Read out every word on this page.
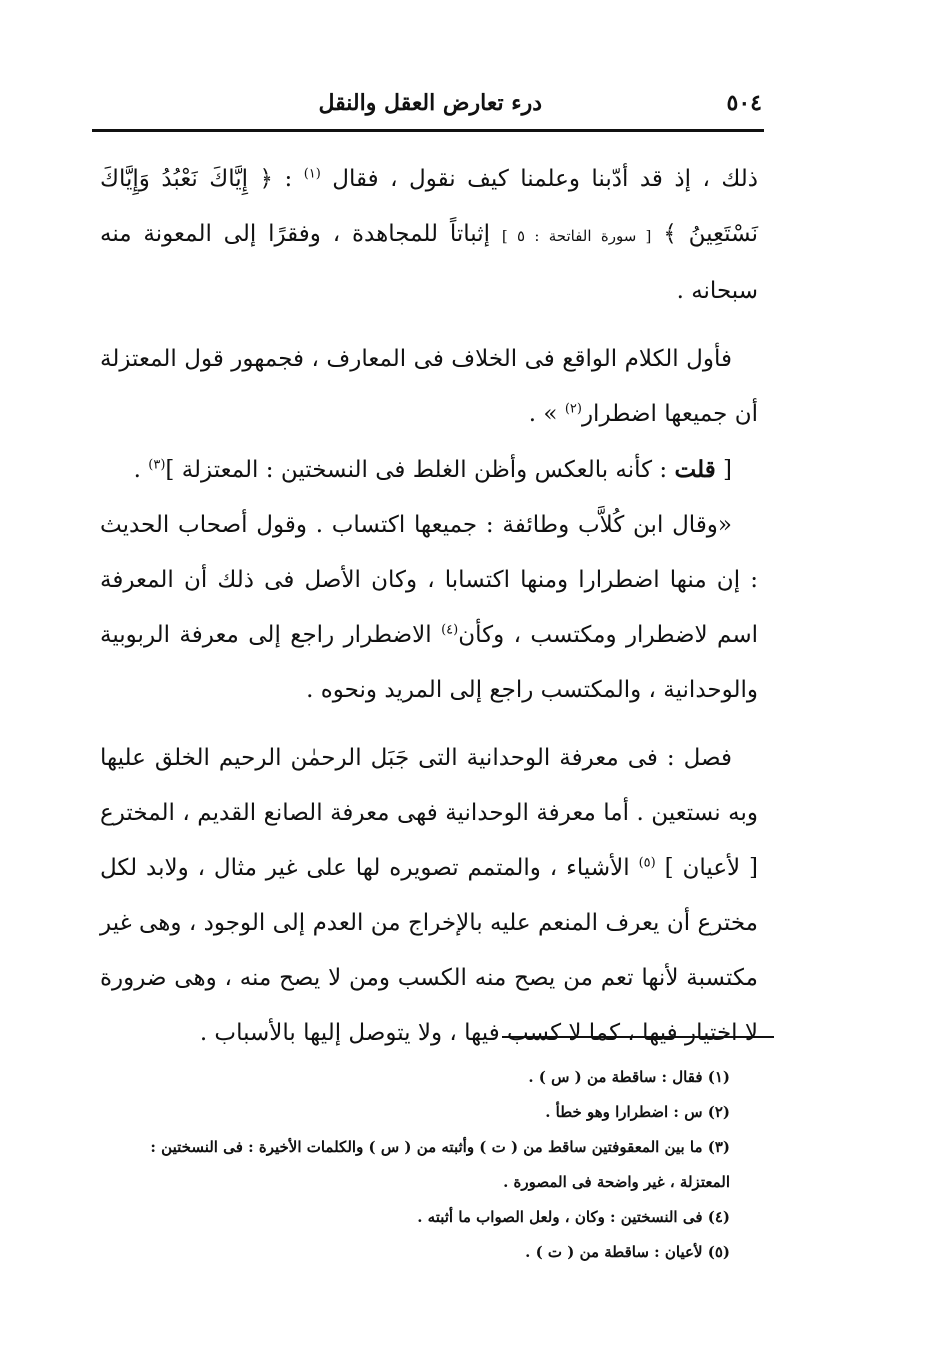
٥٠٤
درء تعارض العقل والنقل

ذلك ، إذ قد أدّبنا وعلمنا كيف نقول ، فقال $^{(١)}$ : ﴿ إِيَّاكَ نَعْبُدُ وَإِيَّاكَ نَسْتَعِينُ ﴾ [ سورة الفاتحة : ٥ ] إثباتاً للمجاهدة ، وفقرًا إلى المعونة منه سبحانه .

فأول الكلام الواقع فى الخلاف فى المعارف ، فجمهور قول المعتزلة أن جميعها اضطرار$^{(٢)}$ » .

[ قلت : كأنه بالعكس وأظن الغلط فى النسختين : المعتزلة ]$^{(٣)}$ .

«وقال ابن كُلاَّب وطائفة : جميعها اكتساب . وقول أصحاب الحديث : إن منها اضطرارا ومنها اكتسابا ، وكان الأصل فى ذلك أن المعرفة اسم لاضطرار ومكتسب ، وكأن$^{(٤)}$ الاضطرار راجع إلى معرفة الربوبية والوحدانية ، والمكتسب راجع إلى المريد ونحوه .

فصل : فى معرفة الوحدانية التى جَبَل الرحمٰن الرحيم الخلق عليها وبه نستعين . أما معرفة الوحدانية فهى معرفة الصانع القديم ، المخترع [ لأعيان ] $^{(٥)}$ الأشياء ، والمتمم تصويره لها على غير مثال ، ولابد لكل مخترع أن يعرف المنعم عليه بالإخراج من العدم إلى الوجود ، وهى غير مكتسبة لأنها تعم من يصح منه الكسب ومن لا يصح منه ، وهى ضرورة لا اختيار فيها ، كما لا كسب فيها ، ولا يتوصل إليها بالأسباب .

(١) فقال : ساقطة من ( س ) .

(٢) س : اضطرارا وهو خطأ .

(٣) ما بين المعقوفتين ساقط من ( ت ) وأثبته من ( س ) والكلمات الأخيرة : فى النسختين : المعتزلة ، غير واضحة فى المصورة .

(٤) فى النسختين : وكان ، ولعل الصواب ما أثبته .

(٥) لأعيان : ساقطة من ( ت ) .
